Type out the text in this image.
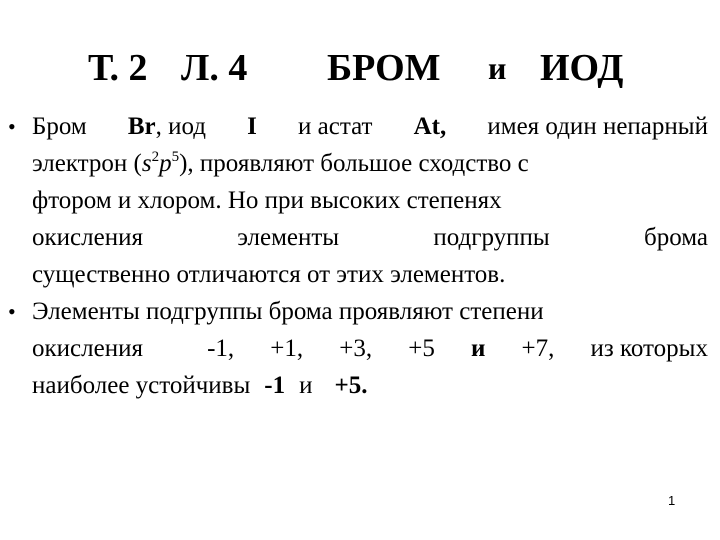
Т. 2 Л. 4 БРОМ и ИОД
• Бром Br, иод I и астат At, имея один непарный
электрон $(s^2p^5)$, проявляют большое сходство с
фтором и хлором. Но при высоких степенях
окисления	элементы	подгруппы	брома
существенно отличаются от этих элементов.
• Элементы подгруппы брома проявляют степени
окисления	-1, +1, +3, +5 и +7, из которых
наиболее устойчивы -1 и +5.
1
